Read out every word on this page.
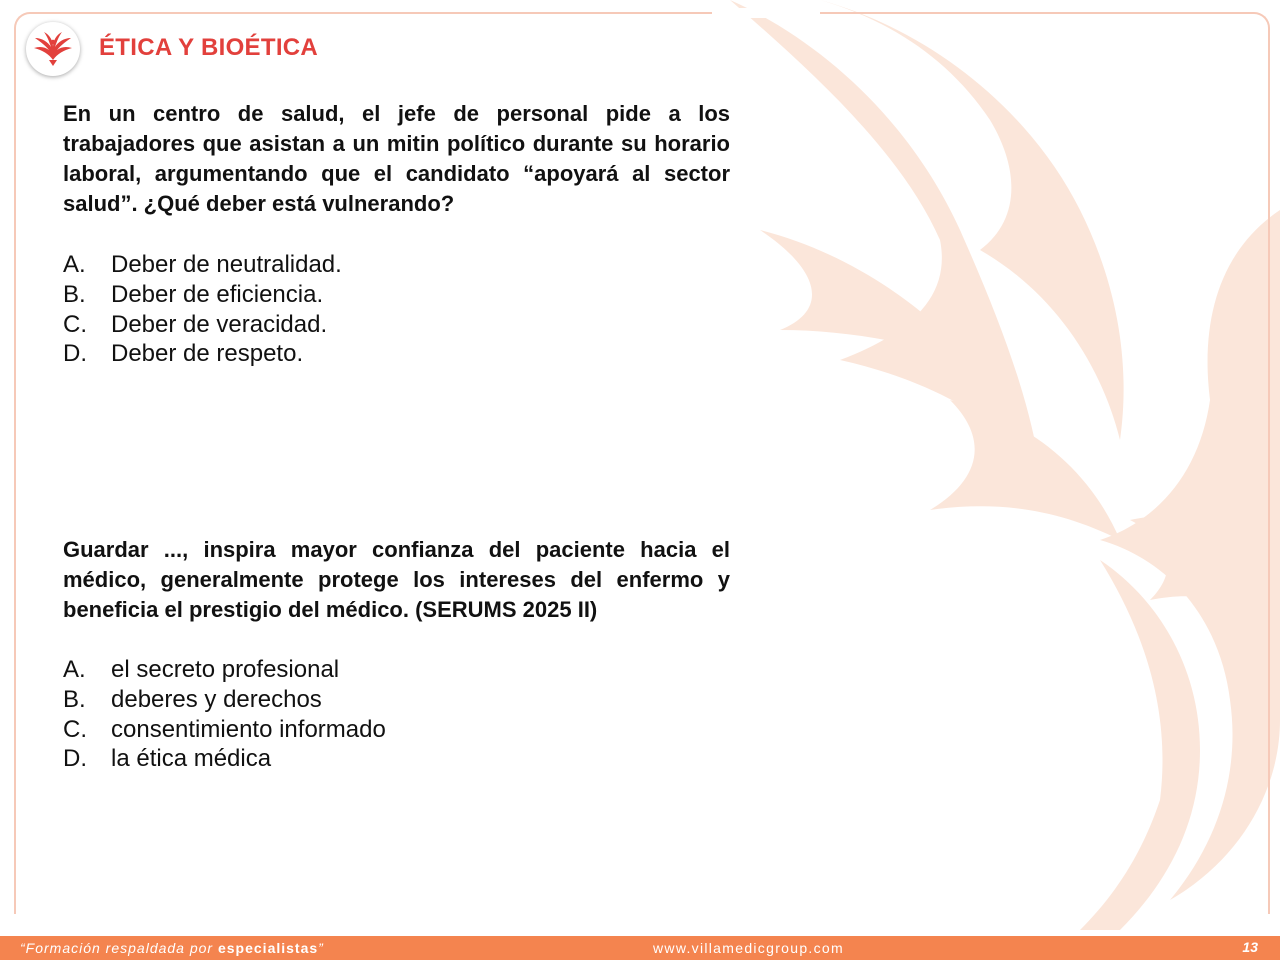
ÉTICA Y BIOÉTICA

En un centro de salud, el jefe de personal pide a los trabajadores que asistan a un mitin político durante su horario laboral, argumentando que el candidato “apoyará al sector salud”. ¿Qué deber está vulnerando?

A.	Deber de neutralidad.
B.	Deber de eficiencia.
C.	Deber de veracidad.
D.	Deber de respeto.

Guardar ..., inspira mayor confianza del paciente hacia el médico, generalmente protege los intereses del enfermo y beneficia el prestigio del médico. (SERUMS 2025 II)

A.	el secreto profesional
B.	deberes y derechos
C.	consentimiento informado
D.	la ética médica
“Formación respaldada por especialistas”	www.villamedicgroup.com	13
